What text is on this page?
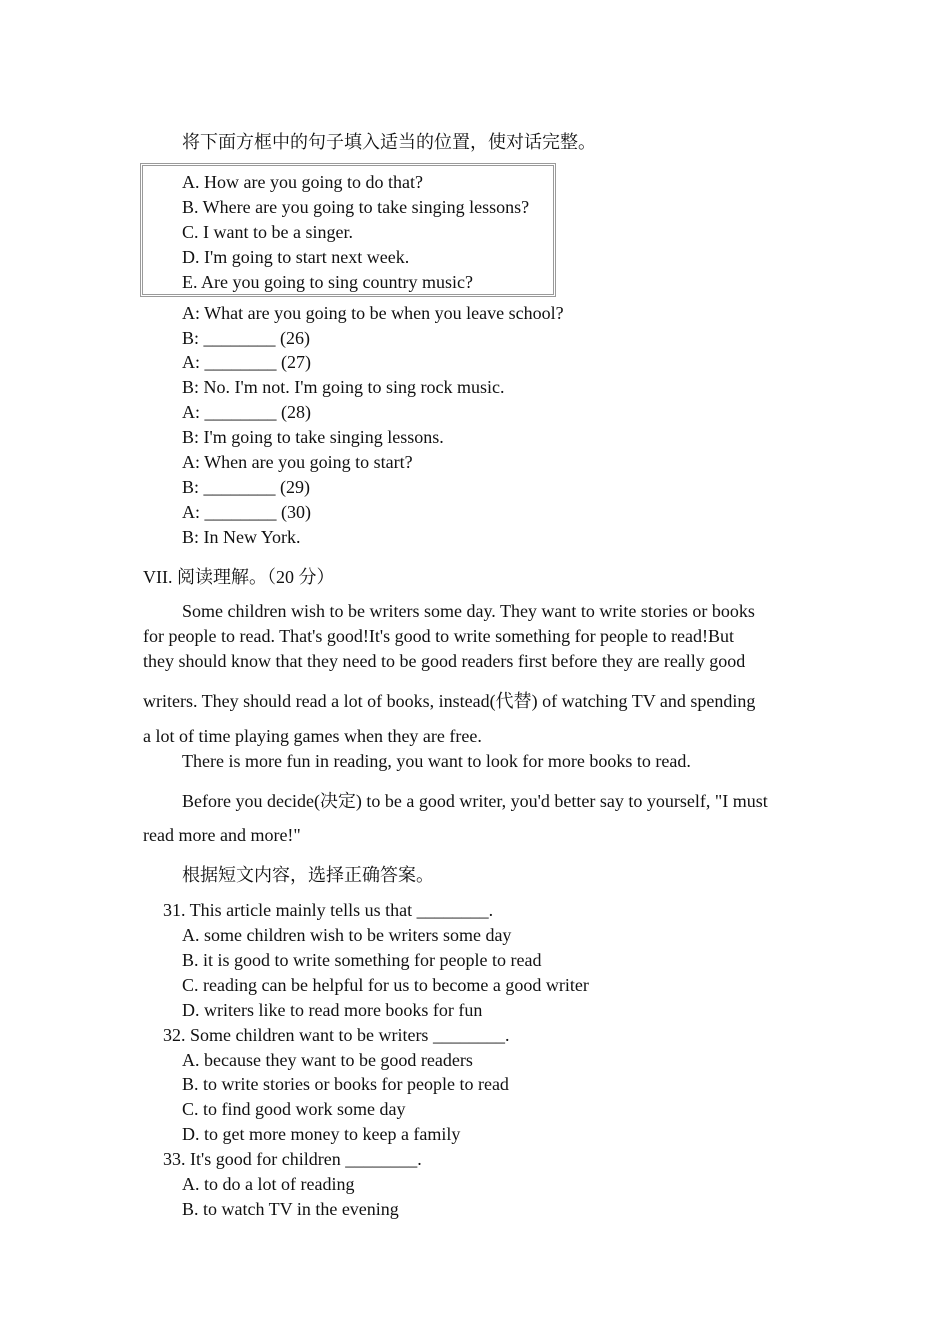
将下面方框中的句子填入适当的位置，使对话完整。
A. How are you going to do that?
B. Where are you going to take singing lessons?
C. I want to be a singer.
D. I'm going to start next week.
E. Are you going to sing country music?
A: What are you going to be when you leave school?
B: ________ (26)
A: ________ (27)
B: No. I'm not. I'm going to sing rock music.
A: ________ (28)
B: I'm going to take singing lessons.
A: When are you going to start?
B: ________ (29)
A: ________ (30)
B: In New York.
VII. 阅读理解。（20 分）
Some children wish to be writers some day. They want to write stories or books
for people to read. That's good!It's good to write something for people to read!But
they should know that they need to be good readers first before they are really good
writers. They should read a lot of books, instead(代替) of watching TV and spending
a lot of time playing games when they are free.
There is more fun in reading, you want to look for more books to read.
Before you decide(决定) to be a good writer, you'd better say to yourself, "I must
read more and more!"
根据短文内容，选择正确答案。
31. This article mainly tells us that ________.
A. some children wish to be writers some day
B. it is good to write something for people to read
C. reading can be helpful for us to become a good writer
D. writers like to read more books for fun
32. Some children want to be writers ________.
A. because they want to be good readers
B. to write stories or books for people to read
C. to find good work some day
D. to get more money to keep a family
33. It's good for children ________.
A. to do a lot of reading
B. to watch TV in the evening
